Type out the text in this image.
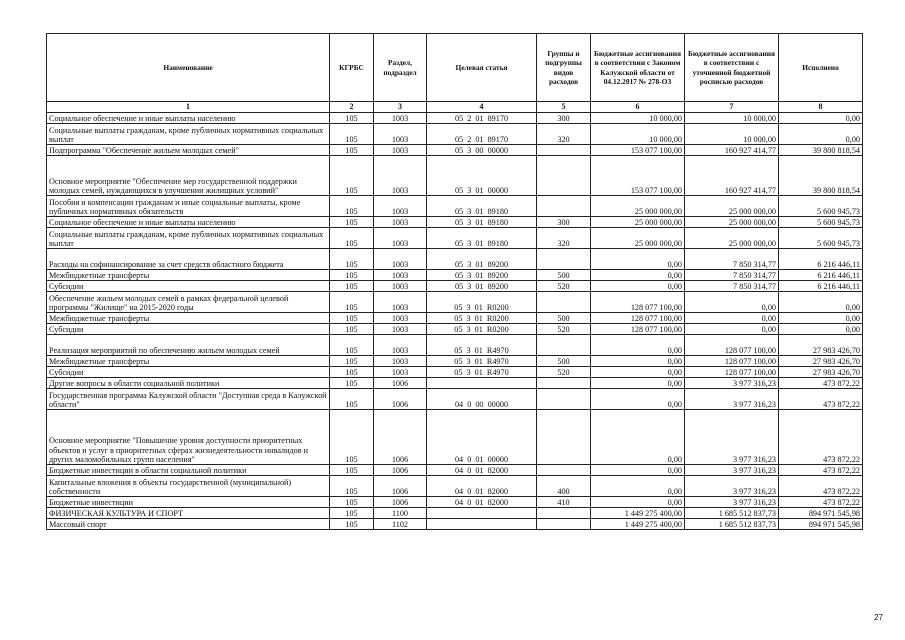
Наименование	КГРБС	Раздел, подраздел	Целевая статья	Группы и подгруппы видов расходов	Бюджетные ассигнования в соответствии с Законом Калужской области от 04.12.2017 № 278-ОЗ	Бюджетные ассигнования в соответствии с уточненной бюджетной росписью расходов	Исполнено
1	2	3	4	5	6	7	8
Социальное обеспечение и иные выплаты населению	105	1003	05 2 01 89170	300	10 000,00	10 000,00	0,00
Социальные выплаты гражданам, кроме публичных нормативных социальных выплат	105	1003	05 2 01 89170	320	10 000,00	10 000,00	0,00
Подпрограмма "Обеспечение жильем молодых семей"	105	1003	05 3 00 00000		153 077 100,00	160 927 414,77	39 800 818,54
Основное мероприятие "Обеспечение мер государственной поддержки молодых семей, нуждающихся в улучшении жилищных условий"	105	1003	05 3 01 00000		153 077 100,00	160 927 414,77	39 800 818,54
Пособия и компенсации гражданам и иные социальные выплаты, кроме публичных нормативных обязательств	105	1003	05 3 01 89180		25 000 000,00	25 000 000,00	5 600 945,73
Социальное обеспечение и иные выплаты населению	105	1003	05 3 01 89180	300	25 000 000,00	25 000 000,00	5 600 945,73
Социальные выплаты гражданам, кроме публичных нормативных социальных выплат	105	1003	05 3 01 89180	320	25 000 000,00	25 000 000,00	5 600 945,73
Расходы на софинансирование за счет средств областного бюджета	105	1003	05 3 01 89200		0,00	7 850 314,77	6 216 446,11
Межбюджетные трансферты	105	1003	05 3 01 89200	500	0,00	7 850 314,77	6 216 446,11
Субсидии	105	1003	05 3 01 89200	520	0,00	7 850 314,77	6 216 446,11
Обеспечение жильем молодых семей в рамках федеральной целевой программы "Жилище" на 2015-2020 годы	105	1003	05 3 01 R0200		128 077 100,00	0,00	0,00
Межбюджетные трансферты	105	1003	05 3 01 R0200	500	128 077 100,00	0,00	0,00
Субсидии	105	1003	05 3 01 R0200	520	128 077 100,00	0,00	0,00
Реализация мероприятий по обеспечению жильем молодых семей	105	1003	05 3 01 R4970		0,00	128 077 100,00	27 983 426,70
Межбюджетные трансферты	105	1003	05 3 01 R4970	500	0,00	128 077 100,00	27 983 426,70
Субсидии	105	1003	05 3 01 R4970	520	0,00	128 077 100,00	27 983 426,70
Другие вопросы в области социальной политики	105	1006			0,00	3 977 316,23	473 872,22
Государственная программа Калужской области "Доступная среда в Калужской области"	105	1006	04 0 00 00000		0,00	3 977 316,23	473 872,22
Основное мероприятие "Повышение уровня доступности приоритетных объектов и услуг в приоритетных сферах жизнедеятельности инвалидов и других маломобильных групп населения"	105	1006	04 0 01 00000		0,00	3 977 316,23	473 872,22
Бюджетные инвестиции в области социальной политики	105	1006	04 0 01 82000		0,00	3 977 316,23	473 872,22
Капитальные вложения в объекты государственной (муниципальной) собственности	105	1006	04 0 01 82000	400	0,00	3 977 316,23	473 872,22
Бюджетные инвестиции	105	1006	04 0 01 82000	410	0,00	3 977 316,23	473 872,22
ФИЗИЧЕСКАЯ КУЛЬТУРА И СПОРТ	105	1100			1 449 275 400,00	1 685 512 837,73	894 971 545,98
Массовый спорт	105	1102			1 449 275 400,00	1 685 512 837,73	894 971 545,98
27
